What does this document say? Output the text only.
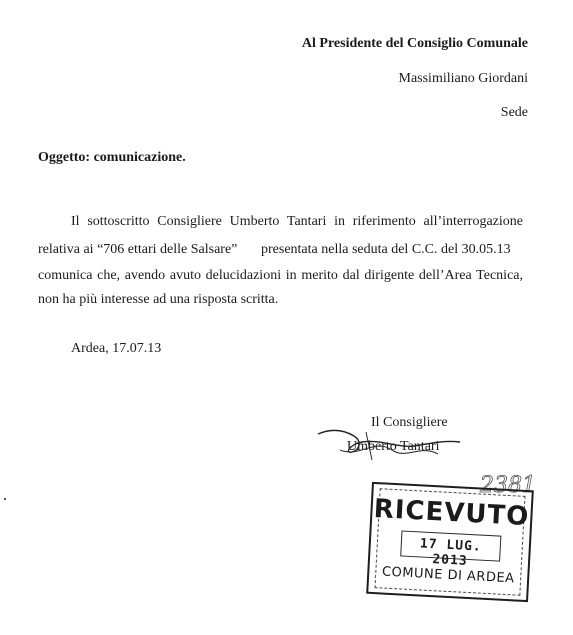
Al Presidente del Consiglio Comunale
Massimiliano Giordani
Sede
Oggetto: comunicazione.
Il sottoscritto Consigliere Umberto Tantari in riferimento all’interrogazione
relativa ai “706 ettari delle Salsare” presentata nella seduta del C.C. del 30.05.13
comunica che, avendo avuto delucidazioni in merito dal dirigente dell’Area Tecnica,
non ha più interesse ad una risposta scritta.
Ardea, 17.07.13
Il Consigliere
Umberto Tantari
2381
RICEVUTO
17 LUG. 2013
COMUNE DI ARDEA
